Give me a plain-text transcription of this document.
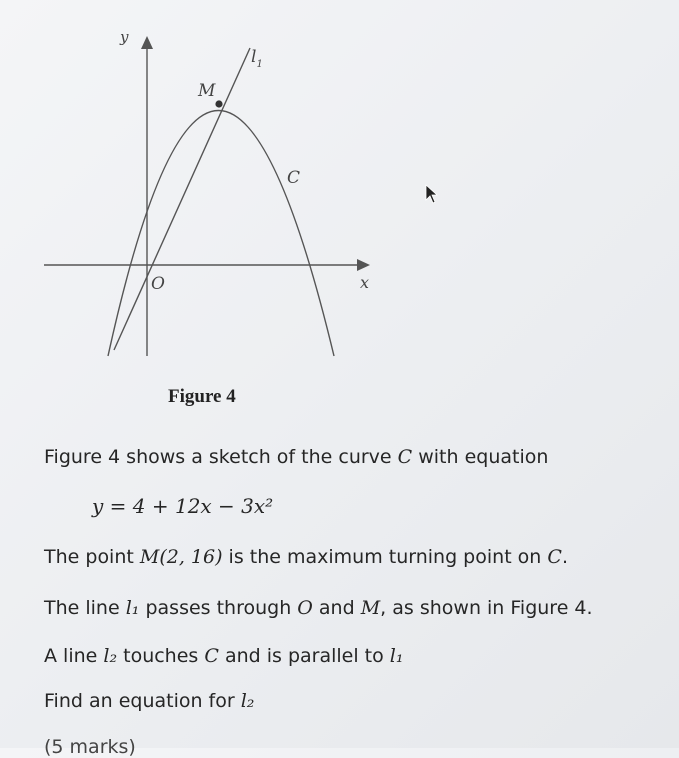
y
x
O
M
C
$l_1$
Figure 4
Figure 4 shows a sketch of the curve C with equation
y = 4 + 12x − 3x²
The point M(2, 16) is the maximum turning point on C.
The line l₁ passes through O and M, as shown in Figure 4.
A line l₂ touches C and is parallel to l₁
Find an equation for l₂
(5 marks)
